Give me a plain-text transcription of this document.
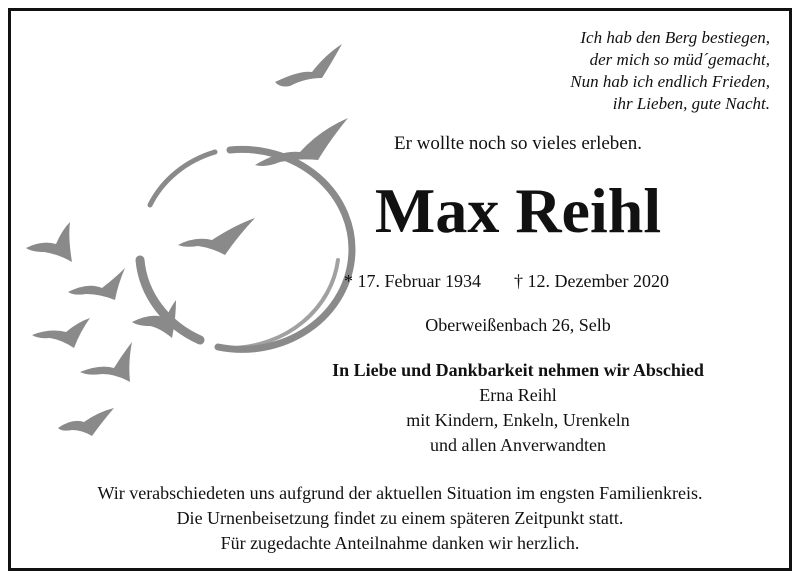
Ich hab den Berg bestiegen,
der mich so müd´gemacht,
Nun hab ich endlich Frieden,
ihr Lieben, gute Nacht.
Er wollte noch so vieles erleben.
Max Reihl
* 17. Februar 1934 † 12. Dezember 2020
Oberweißenbach 26, Selb
In Liebe und Dankbarkeit nehmen wir Abschied
Erna Reihl
mit Kindern, Enkeln, Urenkeln
und allen Anverwandten
Wir verabschiedeten uns aufgrund der aktuellen Situation im engsten Familienkreis.
Die Urnenbeisetzung findet zu einem späteren Zeitpunkt statt.
Für zugedachte Anteilnahme danken wir herzlich.
